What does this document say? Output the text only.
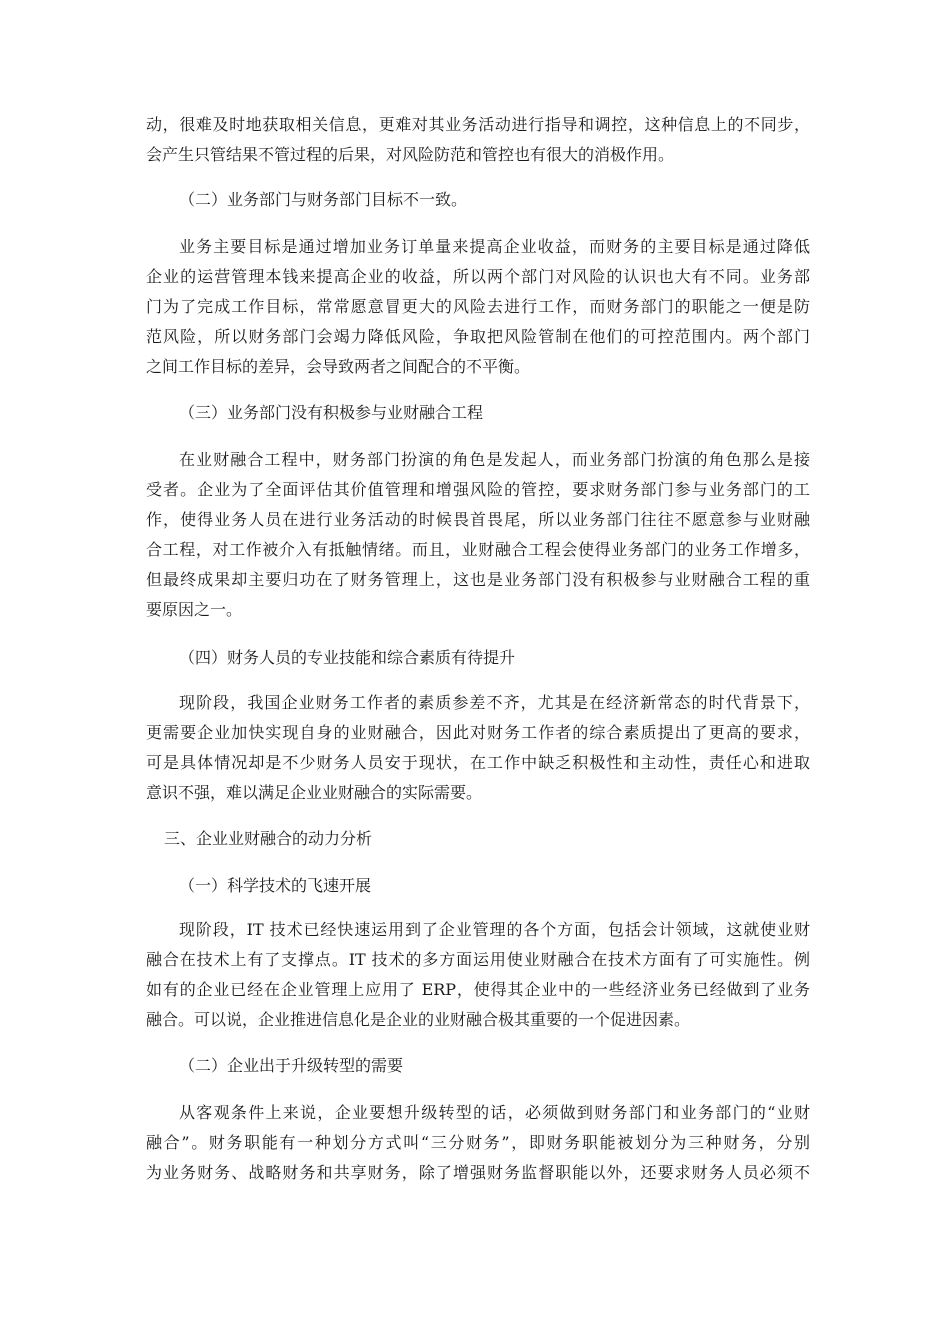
动，很难及时地获取相关信息，更难对其业务活动进行指导和调控，这种信息上的不同步，
会产生只管结果不管过程的后果，对风险防范和管控也有很大的消极作用。
（二）业务部门与财务部门目标不一致。
业务主要目标是通过增加业务订单量来提高企业收益，而财务的主要目标是通过降低
企业的运营管理本钱来提高企业的收益，所以两个部门对风险的认识也大有不同。业务部
门为了完成工作目标，常常愿意冒更大的风险去进行工作，而财务部门的职能之一便是防
范风险，所以财务部门会竭力降低风险，争取把风险管制在他们的可控范围内。两个部门
之间工作目标的差异，会导致两者之间配合的不平衡。
（三）业务部门没有积极参与业财融合工程
在业财融合工程中，财务部门扮演的角色是发起人，而业务部门扮演的角色那么是接
受者。企业为了全面评估其价值管理和增强风险的管控，要求财务部门参与业务部门的工
作，使得业务人员在进行业务活动的时候畏首畏尾，所以业务部门往往不愿意参与业财融
合工程，对工作被介入有抵触情绪。而且，业财融合工程会使得业务部门的业务工作增多，
但最终成果却主要归功在了财务管理上，这也是业务部门没有积极参与业财融合工程的重
要原因之一。
（四）财务人员的专业技能和综合素质有待提升
现阶段，我国企业财务工作者的素质参差不齐，尤其是在经济新常态的时代背景下，
更需要企业加快实现自身的业财融合，因此对财务工作者的综合素质提出了更高的要求，
可是具体情况却是不少财务人员安于现状，在工作中缺乏积极性和主动性，责任心和进取
意识不强，难以满足企业业财融合的实际需要。
三、企业业财融合的动力分析
（一）科学技术的飞速开展
现阶段，IT 技术已经快速运用到了企业管理的各个方面，包括会计领域，这就使业财
融合在技术上有了支撑点。IT 技术的多方面运用使业财融合在技术方面有了可实施性。例
如有的企业已经在企业管理上应用了 ERP，使得其企业中的一些经济业务已经做到了业务
融合。可以说，企业推进信息化是企业的业财融合极其重要的一个促进因素。
（二）企业出于升级转型的需要
从客观条件上来说，企业要想升级转型的话，必须做到财务部门和业务部门的“业财
融合”。财务职能有一种划分方式叫“三分财务”，即财务职能被划分为三种财务，分别
为业务财务、战略财务和共享财务，除了增强财务监督职能以外，还要求财务人员必须不
